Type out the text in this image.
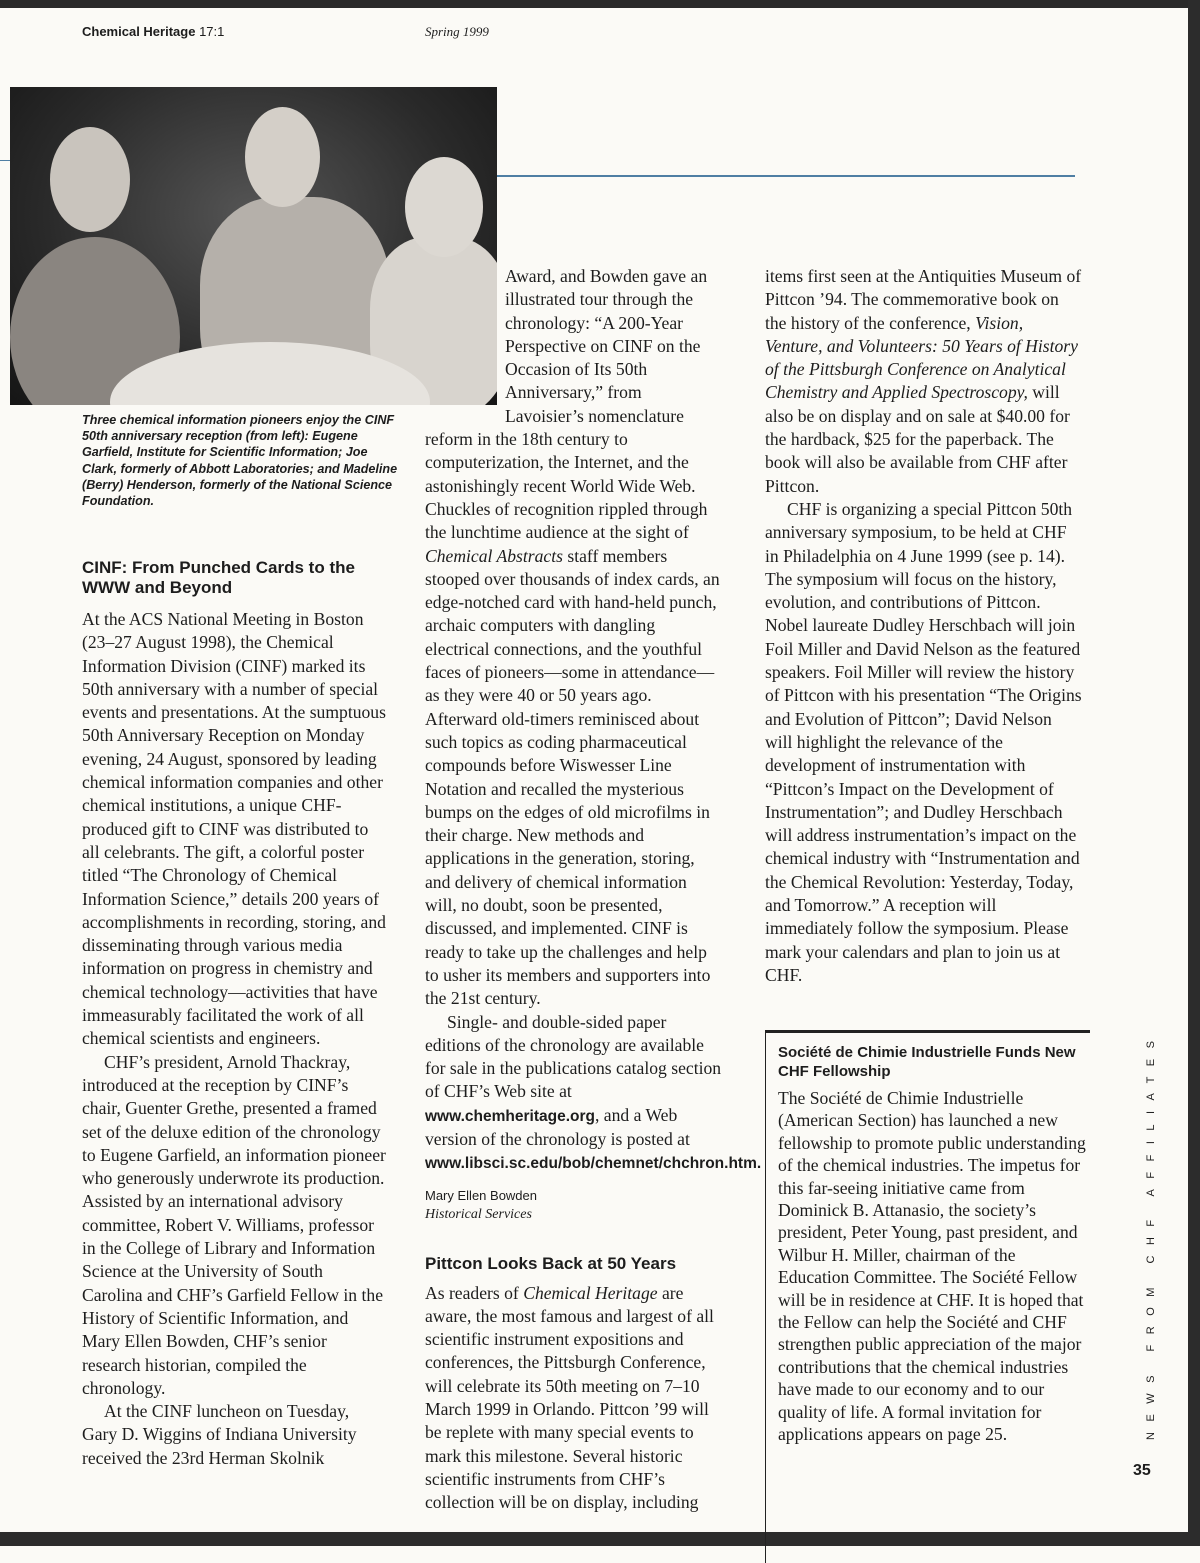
Chemical Heritage 17:1	Spring 1999
Three chemical information pioneers enjoy the CINF 50th anniversary reception (from left): Eugene Garfield, Institute for Scientific Information; Joe Clark, formerly of Abbott Laboratories; and Madeline (Berry) Henderson, formerly of the National Science Foundation.
CINF: From Punched Cards to the WWW and Beyond

At the ACS National Meeting in Boston (23–27 August 1998), the Chemical Information Division (CINF) marked its 50th anniversary with a number of special events and presentations. At the sumptuous 50th Anniversary Reception on Monday evening, 24 August, sponsored by leading chemical information companies and other chemical institutions, a unique CHF-produced gift to CINF was distributed to all celebrants. The gift, a colorful poster titled “The Chronology of Chemical Information Science,” details 200 years of accomplishments in recording, storing, and disseminating through various media information on progress in chemistry and chemical technology—activities that have immeasurably facilitated the work of all chemical scientists and engineers.

CHF’s president, Arnold Thackray, introduced at the reception by CINF’s chair, Guenter Grethe, presented a framed set of the deluxe edition of the chronology to Eugene Garfield, an information pioneer who generously underwrote its production. Assisted by an international advisory committee, Robert V. Williams, professor in the College of Library and Information Science at the University of South Carolina and CHF’s Garfield Fellow in the History of Scientific Information, and Mary Ellen Bowden, CHF’s senior research historian, compiled the chronology.

At the CINF luncheon on Tuesday, Gary D. Wiggins of Indiana University received the 23rd Herman Skolnik

Award, and Bowden gave an illustrated tour through the chronology: “A 200-Year Perspective on CINF on the Occasion of Its 50th Anniversary,” from Lavoisier’s nomenclature reform in the 18th century to computerization, the Internet, and the astonishingly recent World Wide Web. Chuckles of recognition rippled through the lunchtime audience at the sight of Chemical Abstracts staff members stooped over thousands of index cards, an edge-notched card with hand-held punch, archaic computers with dangling electrical connections, and the youthful faces of pioneers—some in attendance—as they were 40 or 50 years ago. Afterward old-timers reminisced about such topics as coding pharmaceutical compounds before Wiswesser Line Notation and recalled the mysterious bumps on the edges of old microfilms in their charge. New methods and applications in the generation, storing, and delivery of chemical information will, no doubt, soon be presented, discussed, and implemented. CINF is ready to take up the challenges and help to usher its members and supporters into the 21st century.

Single- and double-sided paper editions of the chronology are available for sale in the publications catalog section of CHF’s Web site at www.chemheritage.org, and a Web version of the chronology is posted at www.libsci.sc.edu/bob/chemnet/chchron.htm.

Mary Ellen Bowden

Historical Services

Pittcon Looks Back at 50 Years

As readers of Chemical Heritage are aware, the most famous and largest of all scientific instrument expositions and conferences, the Pittsburgh Conference, will celebrate its 50th meeting on 7–10 March 1999 in Orlando. Pittcon ’99 will be replete with many special events to mark this milestone. Several historic scientific instruments from CHF’s collection will be on display, including

items first seen at the Antiquities Museum of Pittcon ’94. The commemorative book on the history of the conference, Vision, Venture, and Volunteers: 50 Years of History of the Pittsburgh Conference on Analytical Chemistry and Applied Spectroscopy, will also be on display and on sale at $40.00 for the hardback, $25 for the paperback. The book will also be available from CHF after Pittcon.

CHF is organizing a special Pittcon 50th anniversary symposium, to be held at CHF in Philadelphia on 4 June 1999 (see p. 14). The symposium will focus on the history, evolution, and contributions of Pittcon. Nobel laureate Dudley Herschbach will join Foil Miller and David Nelson as the featured speakers. Foil Miller will review the history of Pittcon with his presentation “The Origins and Evolution of Pittcon”; David Nelson will highlight the relevance of the development of instrumentation with “Pittcon’s Impact on the Development of Instrumentation”; and Dudley Herschbach will address instrumentation’s impact on the chemical industry with “Instrumentation and the Chemical Revolution: Yesterday, Today, and Tomorrow.” A reception will immediately follow the symposium. Please mark your calendars and plan to join us at CHF.

Société de Chimie Industrielle Funds New CHF Fellowship

The Société de Chimie Industrielle (American Section) has launched a new fellowship to promote public understanding of the chemical industries. The impetus for this far-seeing initiative came from Dominick B. Attanasio, the society’s president, Peter Young, past president, and Wilbur H. Miller, chairman of the Education Committee. The Société Fellow will be in residence at CHF. It is hoped that the Fellow can help the Société and CHF strengthen public appreciation of the major contributions that the chemical industries have made to our economy and to our quality of life. A formal invitation for applications appears on page 25.	NEWS FROM CHF AFFILIATES
35
